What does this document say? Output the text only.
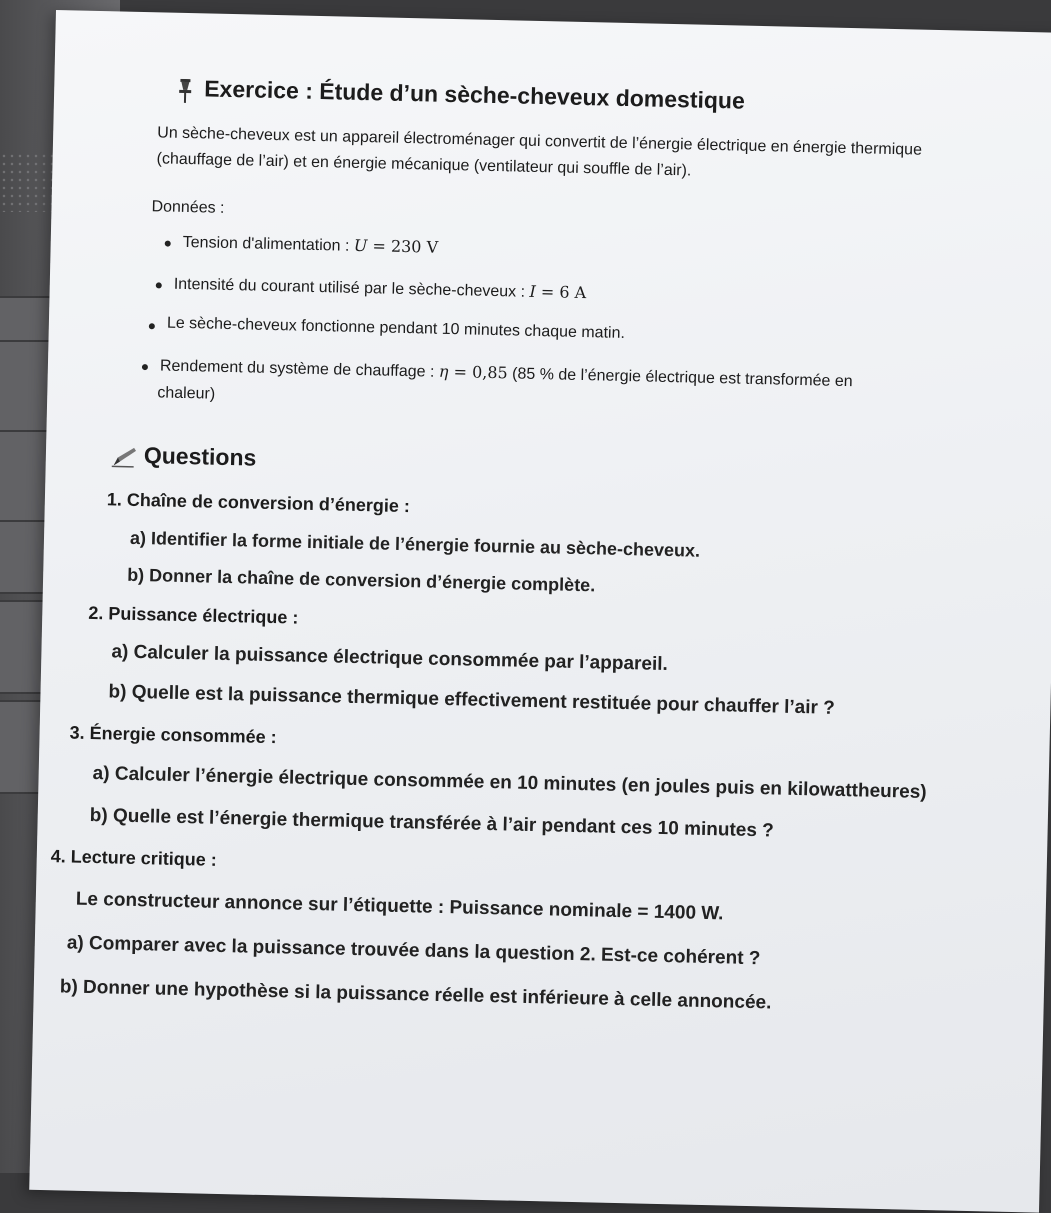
Exercice : Étude d’un sèche-cheveux domestique
Un sèche-cheveux est un appareil électroménager qui convertit de l’énergie électrique en énergie thermique
(chauffage de l’air) et en énergie mécanique (ventilateur qui souffle de l’air).
Données :
Tension d'alimentation : U = 230 V
Intensité du courant utilisé par le sèche-cheveux : I = 6 A
Le sèche-cheveux fonctionne pendant 10 minutes chaque matin.
Rendement du système de chauffage : η = 0,85 (85 % de l’énergie électrique est transformée en
chaleur)
Questions
1. Chaîne de conversion d’énergie :
a) Identifier la forme initiale de l’énergie fournie au sèche-cheveux.
b) Donner la chaîne de conversion d’énergie complète.
2. Puissance électrique :
a) Calculer la puissance électrique consommée par l’appareil.
b) Quelle est la puissance thermique effectivement restituée pour chauffer l’air ?
3. Énergie consommée :
a) Calculer l’énergie électrique consommée en 10 minutes (en joules puis en kilowattheures)
b) Quelle est l’énergie thermique transférée à l’air pendant ces 10 minutes ?
4. Lecture critique :
Le constructeur annonce sur l’étiquette : Puissance nominale = 1400 W.
a) Comparer avec la puissance trouvée dans la question 2. Est-ce cohérent ?
b) Donner une hypothèse si la puissance réelle est inférieure à celle annoncée.
